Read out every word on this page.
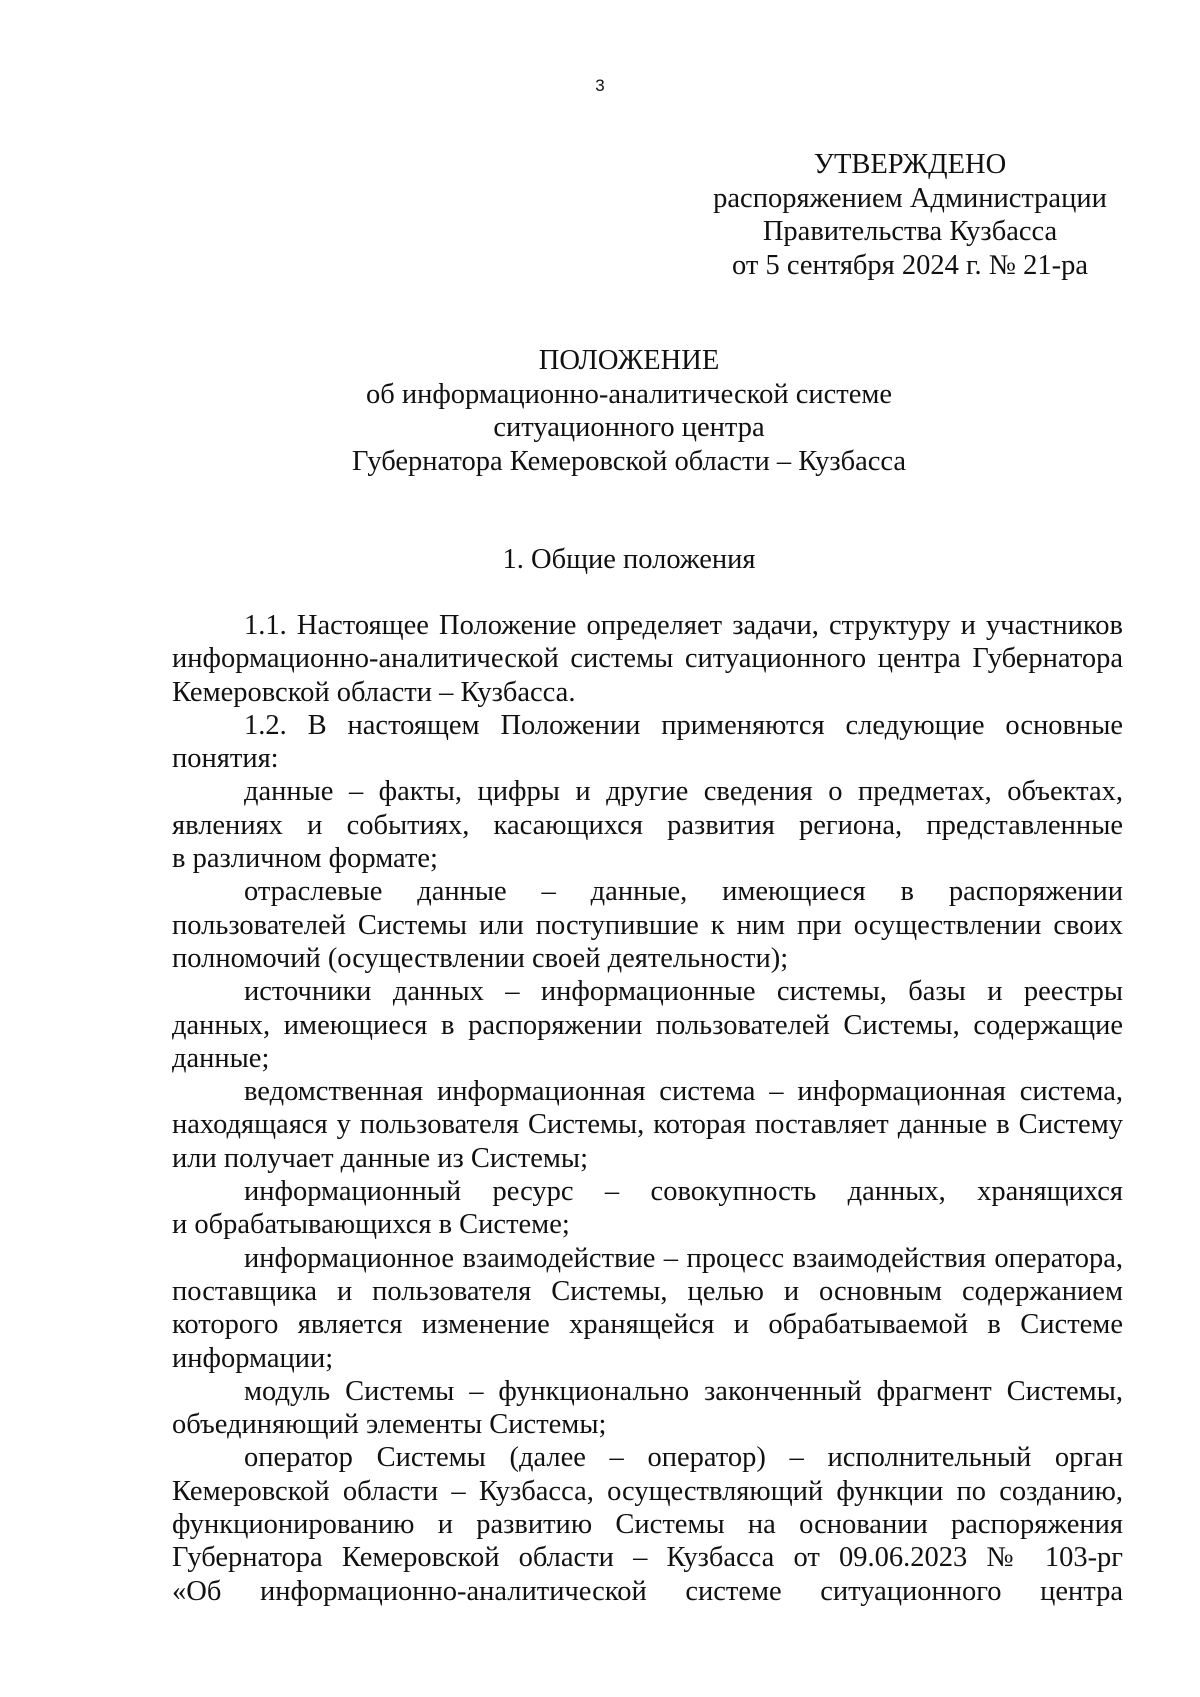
3
УТВЕРЖДЕНО
распоряжением Администрации
Правительства Кузбасса
от 5 сентября 2024 г. № 21-ра
ПОЛОЖЕНИЕ
об информационно-аналитической системе
ситуационного центра
Губернатора Кемеровской области – Кузбасса
1. Общие положения
1.1. Настоящее Положение определяет задачи, структуру и участников
информационно-аналитической системы ситуационного центра Губернатора
Кемеровской области – Кузбасса.
1.2. В настоящем Положении применяются следующие основные
понятия:
данные – факты, цифры и другие сведения о предметах, объектах,
явлениях и событиях, касающихся развития региона, представленные
в различном формате;
отраслевые данные – данные, имеющиеся в распоряжении
пользователей Системы или поступившие к ним при осуществлении своих
полномочий (осуществлении своей деятельности);
источники данных – информационные системы, базы и реестры
данных, имеющиеся в распоряжении пользователей Системы, содержащие
данные;
ведомственная информационная система – информационная система,
находящаяся у пользователя Системы, которая поставляет данные в Систему
или получает данные из Системы;
информационный ресурс – совокупность данных, хранящихся
и обрабатывающихся в Системе;
информационное взаимодействие – процесс взаимодействия оператора,
поставщика и пользователя Системы, целью и основным содержанием
которого является изменение хранящейся и обрабатываемой в Системе
информации;
модуль Системы – функционально законченный фрагмент Системы,
объединяющий элементы Системы;
оператор Системы (далее – оператор) – исполнительный орган
Кемеровской области – Кузбасса, осуществляющий функции по созданию,
функционированию и развитию Системы на основании распоряжения
Губернатора Кемеровской области – Кузбасса от 09.06.2023 № 103-рг
«Об информационно-аналитической системе ситуационного центра
